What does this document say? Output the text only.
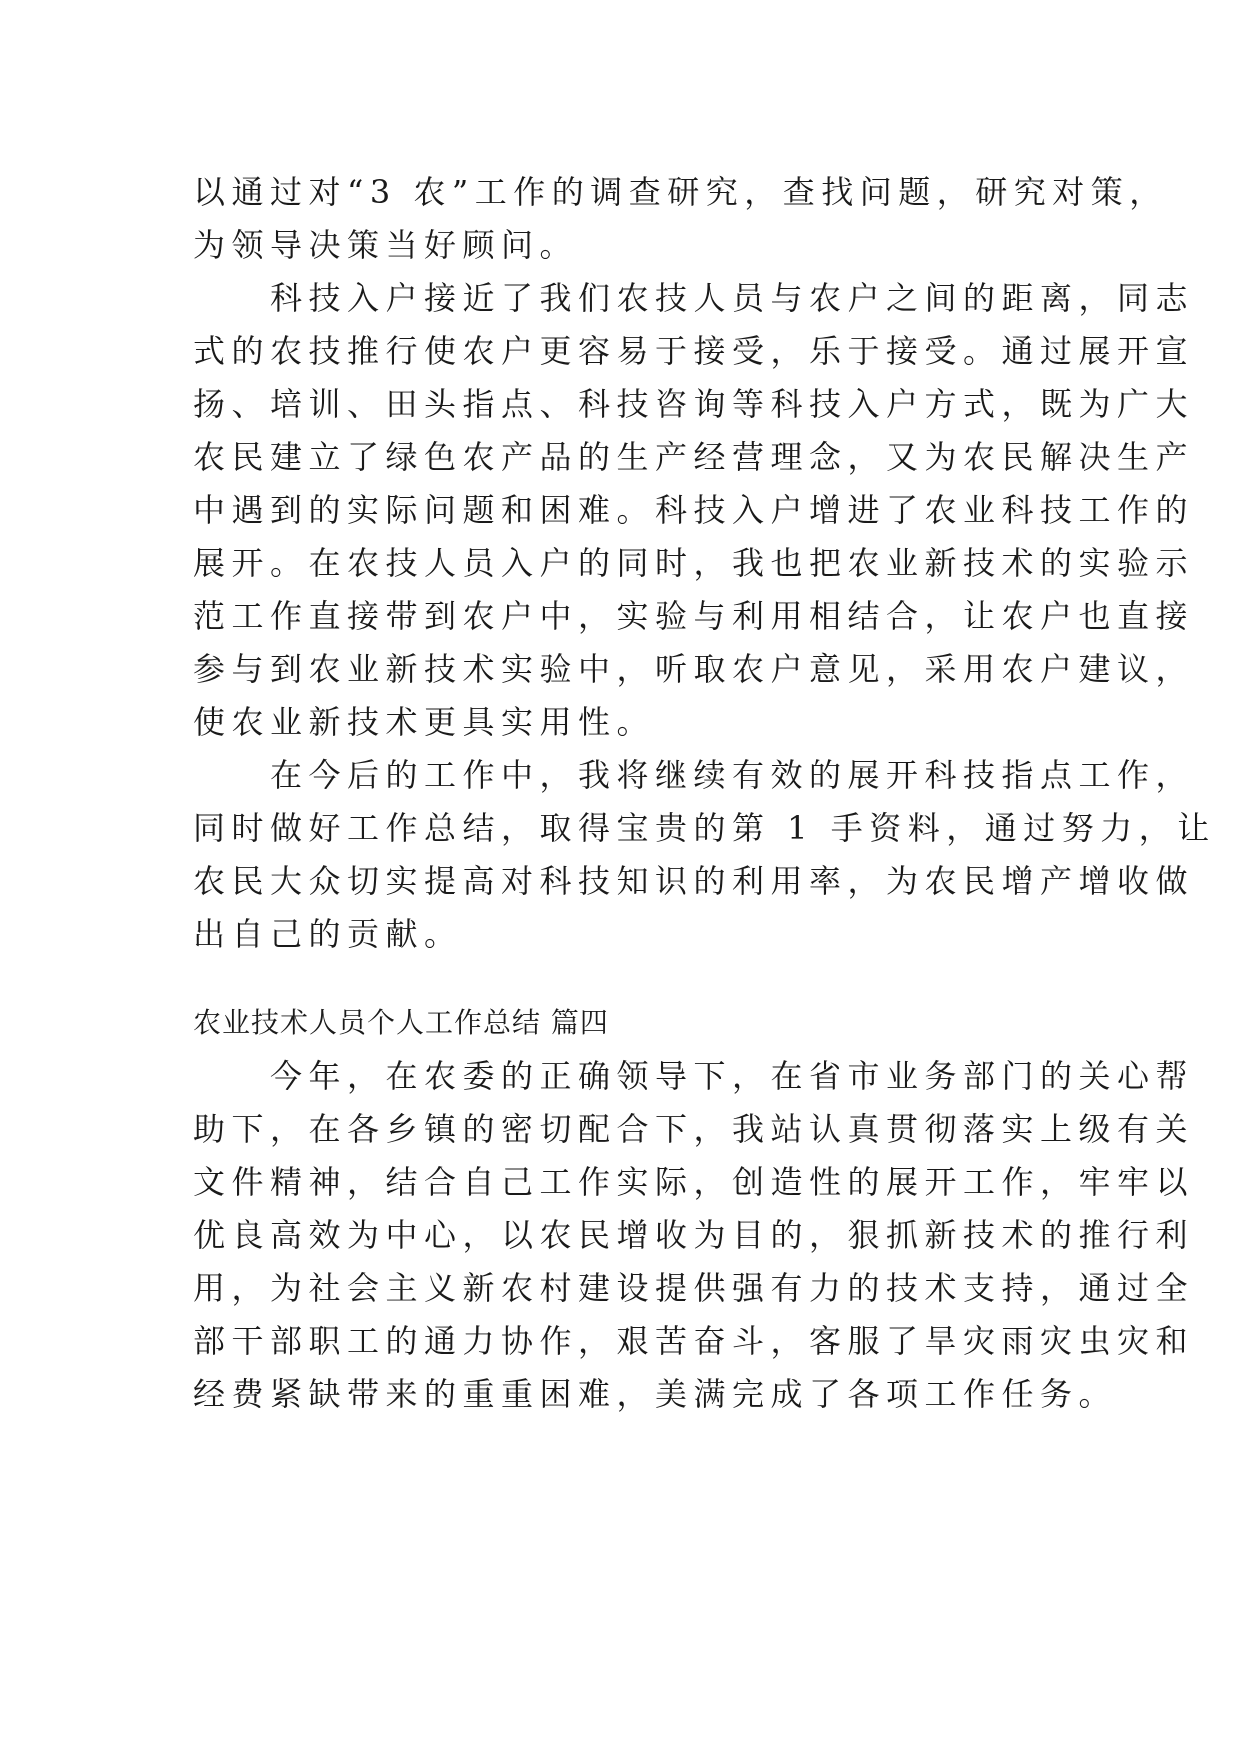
以通过对“3 农”工作的调查研究，查找问题，研究对策，
为领导决策当好顾问。
　　科技入户接近了我们农技人员与农户之间的距离，同志
式的农技推行使农户更容易于接受，乐于接受。通过展开宣
扬、培训、田头指点、科技咨询等科技入户方式，既为广大
农民建立了绿色农产品的生产经营理念，又为农民解决生产
中遇到的实际问题和困难。科技入户增进了农业科技工作的
展开。在农技人员入户的同时，我也把农业新技术的实验示
范工作直接带到农户中，实验与利用相结合，让农户也直接
参与到农业新技术实验中，听取农户意见，采用农户建议，
使农业新技术更具实用性。
　　在今后的工作中，我将继续有效的展开科技指点工作，
同时做好工作总结，取得宝贵的第 1 手资料，通过努力，让
农民大众切实提高对科技知识的利用率，为农民增产增收做
出自己的贡献。
农业技术人员个人工作总结 篇四
　　今年，在农委的正确领导下，在省市业务部门的关心帮
助下，在各乡镇的密切配合下，我站认真贯彻落实上级有关
文件精神，结合自己工作实际，创造性的展开工作，牢牢以
优良高效为中心，以农民增收为目的，狠抓新技术的推行利
用，为社会主义新农村建设提供强有力的技术支持，通过全
部干部职工的通力协作，艰苦奋斗，客服了旱灾雨灾虫灾和
经费紧缺带来的重重困难，美满完成了各项工作任务。
